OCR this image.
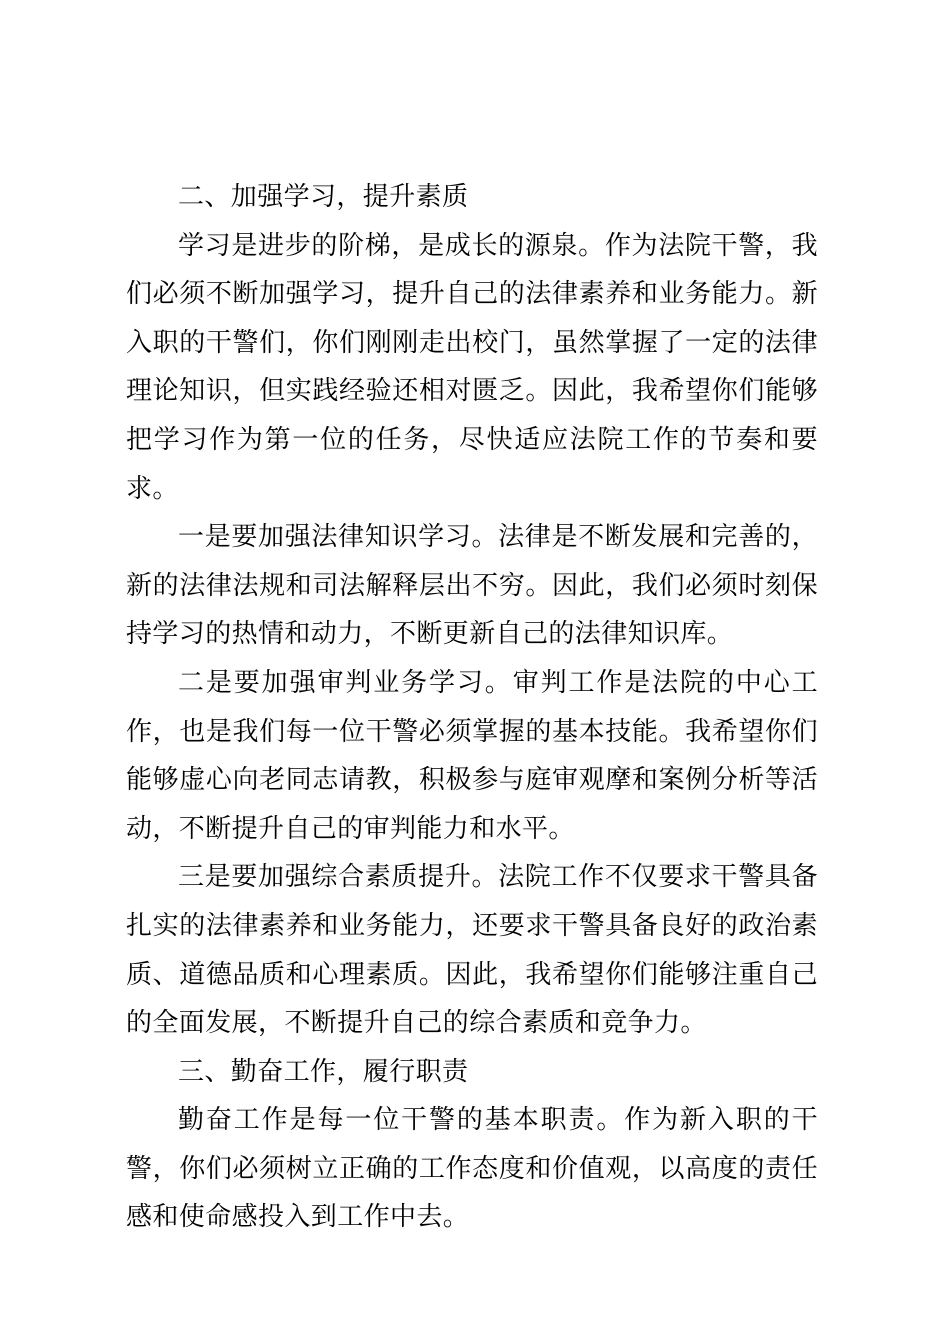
二、加强学习，提升素质

学习是进步的阶梯，是成长的源泉。作为法院干警，我们必须不断加强学习，提升自己的法律素养和业务能力。新入职的干警们，你们刚刚走出校门，虽然掌握了一定的法律理论知识，但实践经验还相对匮乏。因此，我希望你们能够把学习作为第一位的任务，尽快适应法院工作的节奏和要求。

一是要加强法律知识学习。法律是不断发展和完善的，新的法律法规和司法解释层出不穷。因此，我们必须时刻保持学习的热情和动力，不断更新自己的法律知识库。

二是要加强审判业务学习。审判工作是法院的中心工作，也是我们每一位干警必须掌握的基本技能。我希望你们能够虚心向老同志请教，积极参与庭审观摩和案例分析等活动，不断提升自己的审判能力和水平。

三是要加强综合素质提升。法院工作不仅要求干警具备扎实的法律素养和业务能力，还要求干警具备良好的政治素质、道德品质和心理素质。因此，我希望你们能够注重自己的全面发展，不断提升自己的综合素质和竞争力。

三、勤奋工作，履行职责

勤奋工作是每一位干警的基本职责。作为新入职的干警，你们必须树立正确的工作态度和价值观，以高度的责任感和使命感投入到工作中去。
